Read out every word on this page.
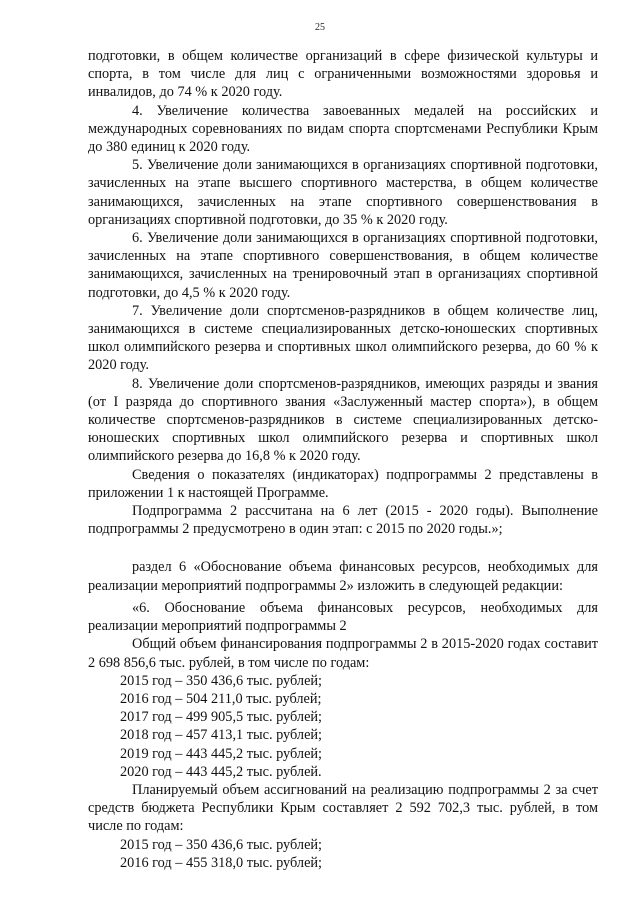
25

подготовки, в общем количестве организаций в сфере физической культуры и спорта, в том числе для лиц с ограниченными возможностями здоровья и инвалидов, до 74 % к 2020 году.

4. Увеличение количества завоеванных медалей на российских и международных соревнованиях по видам спорта спортсменами Республики Крым до 380 единиц к 2020 году.

5. Увеличение доли занимающихся в организациях спортивной подготовки, зачисленных на этапе высшего спортивного мастерства, в общем количестве занимающихся, зачисленных на этапе спортивного совершенствования в организациях спортивной подготовки, до 35 % к 2020 году.

6. Увеличение доли занимающихся в организациях спортивной подготовки, зачисленных на этапе спортивного совершенствования, в общем количестве занимающихся, зачисленных на тренировочный этап в организациях спортивной подготовки, до 4,5 % к 2020 году.

7. Увеличение доли спортсменов-разрядников в общем количестве лиц, занимающихся в системе специализированных детско-юношеских спортивных школ олимпийского резерва и спортивных школ олимпийского резерва, до 60 % к 2020 году.

8. Увеличение доли спортсменов-разрядников, имеющих разряды и звания (от I разряда до спортивного звания «Заслуженный мастер спорта»), в общем количестве спортсменов-разрядников в системе специализированных детско-юношеских спортивных школ олимпийского резерва и спортивных школ олимпийского резерва до 16,8 % к 2020 году.

Сведения о показателях (индикаторах) подпрограммы 2 представлены в приложении 1 к настоящей Программе.

Подпрограмма 2 рассчитана на 6 лет (2015 - 2020 годы). Выполнение подпрограммы 2 предусмотрено в один этап: с 2015 по 2020 годы.»;

раздел 6 «Обоснование объема финансовых ресурсов, необходимых для реализации мероприятий подпрограммы 2» изложить в следующей редакции:

«6. Обоснование объема финансовых ресурсов, необходимых для реализации мероприятий подпрограммы 2

Общий объем финансирования подпрограммы 2 в 2015-2020 годах составит 2 698 856,6 тыс. рублей, в том числе по годам:

2015 год – 350 436,6 тыс. рублей;

2016 год – 504 211,0 тыс. рублей;

2017 год – 499 905,5 тыс. рублей;

2018 год – 457 413,1 тыс. рублей;

2019 год – 443 445,2 тыс. рублей;

2020 год – 443 445,2 тыс. рублей.

Планируемый объем ассигнований на реализацию подпрограммы 2 за счет средств бюджета Республики Крым составляет 2 592 702,3 тыс. рублей, в том числе по годам:

2015 год – 350 436,6 тыс. рублей;

2016 год – 455 318,0 тыс. рублей;
